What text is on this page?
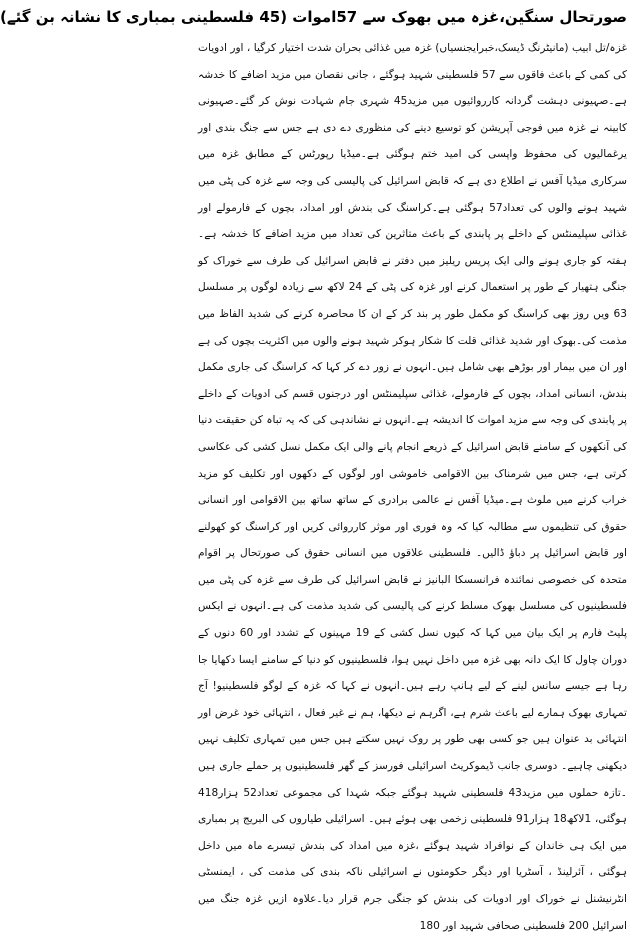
صورتحال سنگین،غزہ میں بھوک سے 57اموات (45 فلسطینی بمباری کا نشانہ بن گئے)

غزہ/تل ابیب (مانیٹرنگ ڈیسک،خبرایجنسیاں) غزہ میں غذائی بحران شدت اختیار کرگیا ، اور ادویات کی کمی کے باعث فاقوں سے 57 فلسطینی شہید ہوگئے ، جانی نقصان میں مزید اضافے کا خدشہ ہے۔صہیونی دہشت گردانہ کارروائیوں میں مزید45 شہری جام شہادت نوش کر گئے۔صہیونی کابینہ نے غزہ میں فوجی آپریشن کو توسیع دینے کی منظوری دے دی ہے جس سے جنگ بندی اور یرغمالیوں کی محفوظ واپسی کی امید ختم ہوگئی ہے۔میڈیا رپورٹس کے مطابق غزہ میں سرکاری میڈیا آفس نے اطلاع دی ہے کہ قابض اسرائیل کی پالیسی کی وجہ سے غزہ کی پٹی میں شہید ہونے والوں کی تعداد57 ہوگئی ہے۔کراسنگ کی بندش اور امداد، بچوں کے فارمولے اور غذائی سپلیمنٹس کے داخلے پر پابندی کے باعث متاثرین کی تعداد میں مزید اضافے کا خدشہ ہے۔ ہفتہ کو جاری ہونے والی ایک پریس ریلیز میں دفتر نے قابض اسرائیل کی طرف سے خوراک کو جنگی ہتھیار کے طور پر استعمال کرنے اور غزہ کی پٹی کے 24 لاکھ سے زیادہ لوگوں پر مسلسل 63 ویں روز بھی کراسنگ کو مکمل طور پر بند کر کے ان کا محاصرہ کرنے کی شدید الفاظ میں مذمت کی۔بھوک اور شدید غذائی قلت کا شکار ہوکر شہید ہونے والوں میں اکثریت بچوں کی ہے اور ان میں بیمار اور بوڑھے بھی شامل ہیں۔انہوں نے زور دے کر کہا کہ کراسنگ کی جاری مکمل بندش، انسانی امداد، بچوں کے فارمولے، غذائی سپلیمنٹس اور درجنوں قسم کی ادویات کے داخلے پر پابندی کی وجہ سے مزید اموات کا اندیشہ ہے۔انہوں نے نشاندہی کی کہ یہ تباہ کن حقیقت دنیا کی آنکھوں کے سامنے قابض اسرائیل کے ذریعے انجام پانے والی ایک مکمل نسل کشی کی عکاسی کرتی ہے، جس میں شرمناک بین الاقوامی خاموشی اور لوگوں کے دکھوں اور تکلیف کو مزید خراب کرنے میں ملوث ہے۔میڈیا آفس نے عالمی برادری کے ساتھ ساتھ بین الاقوامی اور انسانی حقوق کی تنظیموں سے مطالبہ کیا کہ وہ فوری اور موثر کارروائی کریں اور کراسنگ کو کھولنے اور قابض اسرائیل پر دباؤ ڈالیں۔ فلسطینی علاقوں میں انسانی حقوق کی صورتحال پر اقوام متحدہ کی خصوصی نمائندہ فرانسسکا البانیز نے قابض اسرائیل کی طرف سے غزہ کی پٹی میں فلسطینیوں کی مسلسل بھوک مسلط کرنے کی پالیسی کی شدید مذمت کی ہے۔انہوں نے ایکس پلیٹ فارم پر ایک بیان میں کہا کہ کیوں نسل کشی کے 19 مہینوں کے تشدد اور 60 دنوں کے دوران چاول کا ایک دانہ بھی غزہ میں داخل نہیں ہوا، فلسطینیوں کو دنیا کے سامنے ایسا دکھایا جا رہا ہے جیسے سانس لینے کے لیے ہانپ رہے ہیں۔انہوں نے کہا کہ غزہ کے لوگو فلسطینیو! آج تمہاری بھوک ہمارے لیے باعث شرم ہے، اگرہم نے دیکھا، ہم نے غیر فعال ، انتہائی خود غرض اور انتہائی بد عنوان ہیں جو کسی بھی طور پر روک نہیں سکتے ہیں جس میں تمہاری تکلیف نہیں دیکھنی چاہیے۔ دوسری جانب ڈیموکریٹ اسرائیلی فورسز کے گھر فلسطینیوں پر حملے جاری ہیں ۔تازہ حملوں میں مزید43 فلسطینی شہید ہوگئے جبکہ شہدا کی مجموعی تعداد52 ہزار418 ہوگئی، 1لاکھ18 ہزار91 فلسطینی زخمی بھی ہوئے ہیں۔ اسرائیلی طیاروں کی البریج پر بمباری میں ایک ہی خاندان کے نوافراد شہید ہوگئے ،غزہ میں امداد کی بندش تیسرے ماہ میں داخل ہوگئی ، آئرلینڈ ، آسٹریا اور دیگر حکومتوں نے اسرائیلی ناکہ بندی کی مذمت کی ، ایمنسٹی انٹرنیشنل نے خوراک اور ادویات کی بندش کو جنگی جرم قرار دیا۔علاوہ ازیں غزہ جنگ میں اسرائیل 200 فلسطینی صحافی شہید اور 180
